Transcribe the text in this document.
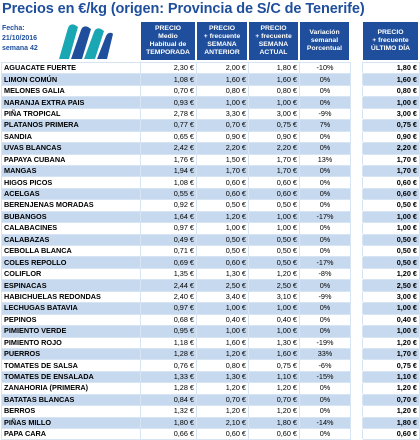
Precios en €/kg (origen: Provincia de S/C de Tenerife)
Fecha:
21/10/2016
semana 42
PRECIO
Medio
Habitual de
TEMPORADA
PRECIO
+ frecuente
SEMANA
ANTERIOR
PRECIO
+ frecuente
SEMANA
ACTUAL
Variación
semanal
Porcentual
PRECIO
+ frecuente
ÚLTIMO DÍA
AGUACATE FUERTE	2,30 €	2,00 €	1,80 €	-10%		1,80 €
LIMON COMÚN	1,08 €	1,60 €	1,60 €	0%		1,60 €
MELONES GALIA	0,70 €	0,80 €	0,80 €	0%		0,80 €
NARANJA EXTRA PAIS	0,93 €	1,00 €	1,00 €	0%		1,00 €
PIÑA TROPICAL	2,78 €	3,30 €	3,00 €	-9%		3,00 €
PLATANOS PRIMERA	0,77 €	0,70 €	0,75 €	7%		0,75 €
SANDIA	0,65 €	0,90 €	0,90 €	0%		0,90 €
UVAS BLANCAS	2,42 €	2,20 €	2,20 €	0%		2,20 €
PAPAYA CUBANA	1,76 €	1,50 €	1,70 €	13%		1,70 €
MANGAS	1,94 €	1,70 €	1,70 €	0%		1,70 €
HIGOS PICOS	1,08 €	0,60 €	0,60 €	0%		0,60 €
ACELGAS	0,55 €	0,60 €	0,60 €	0%		0,60 €
BERENJENAS MORADAS	0,92 €	0,50 €	0,50 €	0%		0,50 €
BUBANGOS	1,64 €	1,20 €	1,00 €	-17%		1,00 €
CALABACINES	0,97 €	1,00 €	1,00 €	0%		1,00 €
CALABAZAS	0,49 €	0,50 €	0,50 €	0%		0,50 €
CEBOLLA BLANCA	0,71 €	0,50 €	0,50 €	0%		0,50 €
COLES REPOLLO	0,69 €	0,60 €	0,50 €	-17%		0,50 €
COLIFLOR	1,35 €	1,30 €	1,20 €	-8%		1,20 €
ESPINACAS	2,44 €	2,50 €	2,50 €	0%		2,50 €
HABICHUELAS REDONDAS	2,40 €	3,40 €	3,10 €	-9%		3,00 €
LECHUGAS BATAVIA	0,97 €	1,00 €	1,00 €	0%		1,00 €
PEPINOS	0,68 €	0,40 €	0,40 €	0%		0,40 €
PIMIENTO VERDE	0,95 €	1,00 €	1,00 €	0%		1,00 €
PIMIENTO ROJO	1,18 €	1,60 €	1,30 €	-19%		1,20 €
PUERROS	1,28 €	1,20 €	1,60 €	33%		1,70 €
TOMATES DE SALSA	0,76 €	0,80 €	0,75 €	-6%		0,75 €
TOMATES DE ENSALADA	1,33 €	1,30 €	1,10 €	-15%		1,10 €
ZANAHORIA (PRIMERA)	1,28 €	1,20 €	1,20 €	0%		1,20 €
BATATAS BLANCAS	0,84 €	0,70 €	0,70 €	0%		0,70 €
BERROS	1,32 €	1,20 €	1,20 €	0%		1,20 €
PIÑAS MILLO	1,80 €	2,10 €	1,80 €	-14%		1,80 €
PAPA CARA	0,66 €	0,60 €	0,60 €	0%		0,60 €
